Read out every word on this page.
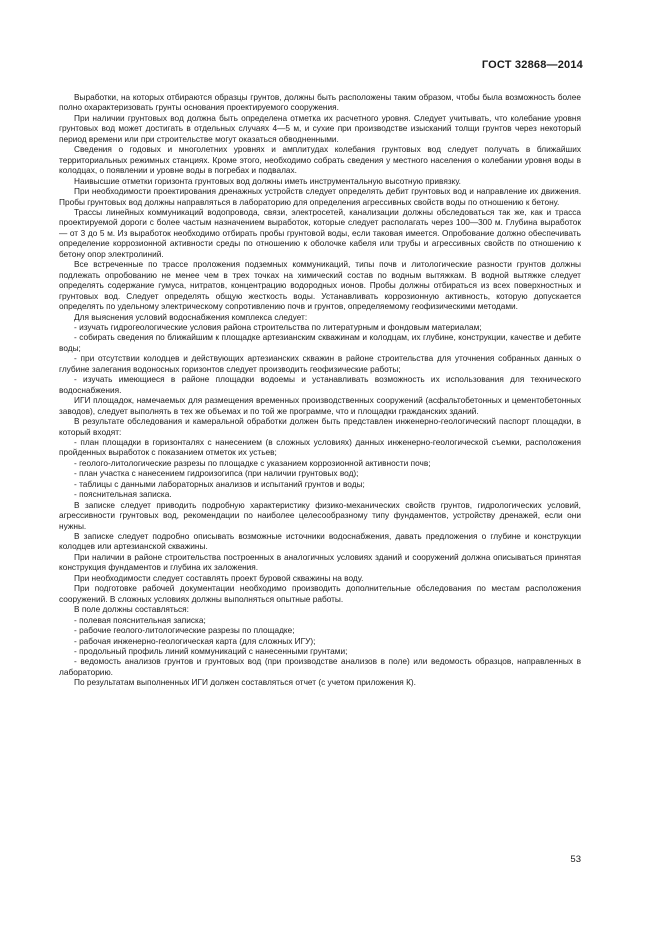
ГОСТ 32868—2014

Выработки, на которых отбираются образцы грунтов, должны быть расположены таким образом, чтобы была возможность более полно охарактеризовать грунты основания проектируемого сооружения.

При наличии грунтовых вод должна быть определена отметка их расчетного уровня. Следует учитывать, что колебание уровня грунтовых вод может достигать в отдельных случаях 4—5 м, и сухие при производстве изысканий толщи грунтов через некоторый период времени или при строительстве могут оказаться обводненными.

Сведения о годовых и многолетних уровнях и амплитудах колебания грунтовых вод следует получать в ближайших территориальных режимных станциях. Кроме этого, необходимо собрать сведения у местного населения о колебании уровня воды в колодцах, о появлении и уровне воды в погребах и подвалах.

Наивысшие отметки горизонта грунтовых вод должны иметь инструментальную высотную привязку.

При необходимости проектирования дренажных устройств следует определять дебит грунтовых вод и направление их движения. Пробы грунтовых вод должны направляться в лабораторию для определения агрессивных свойств воды по отношению к бетону.

Трассы линейных коммуникаций водопровода, связи, электросетей, канализации должны обследоваться так же, как и трасса проектируемой дороги с более частым назначением выработок, которые следует располагать через 100—300 м. Глубина выработок — от 3 до 5 м. Из выработок необходимо отбирать пробы грунтовой воды, если таковая имеется. Опробование должно обеспечивать определение коррозионной активности среды по отношению к оболочке кабеля или трубы и агрессивных свойств по отношению к бетону опор электролиний.

Все встреченные по трассе проложения подземных коммуникаций, типы почв и литологические разности грунтов должны подлежать опробованию не менее чем в трех точках на химический состав по водным вытяжкам. В водной вытяжке следует определять содержание гумуса, нитратов, концентрацию водородных ионов. Пробы должны отбираться из всех поверхностных и грунтовых вод. Следует определять общую жесткость воды. Устанавливать коррозионную активность, которую допускается определять по удельному электрическому сопротивлению почв и грунтов, определяемому геофизическими методами.

Для выяснения условий водоснабжения комплекса следует:

- изучать гидрогеологические условия района строительства по литературным и фондовым материалам;

- собирать сведения по ближайшим к площадке артезианским скважинам и колодцам, их глубине, конструкции, качестве и дебите воды;

- при отсутствии колодцев и действующих артезианских скважин в районе строительства для уточнения собранных данных о глубине залегания водоносных горизонтов следует производить геофизические работы;

- изучать имеющиеся в районе площадки водоемы и устанавливать возможность их использования для технического водоснабжения.

ИГИ площадок, намечаемых для размещения временных производственных сооружений (асфальтобетонных и цементобетонных заводов), следует выполнять в тех же объемах и по той же программе, что и площадки гражданских зданий.

В результате обследования и камеральной обработки должен быть представлен инженерно-геологический паспорт площадки, в который входят:

- план площадки в горизонталях с нанесением (в сложных условиях) данных инженерно-геологической съемки, расположения пройденных выработок с показанием отметок их устьев;

- геолого-литологические разрезы по площадке с указанием коррозионной активности почв;

- план участка с нанесением гидроизогипса (при наличии грунтовых вод);

- таблицы с данными лабораторных анализов и испытаний грунтов и воды;

- пояснительная записка.

В записке следует приводить подробную характеристику физико-механических свойств грунтов, гидрологических условий, агрессивности грунтовых вод, рекомендации по наиболее целесообразному типу фундаментов, устройству дренажей, если они нужны.

В записке следует подробно описывать возможные источники водоснабжения, давать предложения о глубине и конструкции колодцев или артезианской скважины.

При наличии в районе строительства построенных в аналогичных условиях зданий и сооружений должна описываться принятая конструкция фундаментов и глубина их заложения.

При необходимости следует составлять проект буровой скважины на воду.

При подготовке рабочей документации необходимо производить дополнительные обследования по местам расположения сооружений. В сложных условиях должны выполняться опытные работы.

В поле должны составляться:

- полевая пояснительная записка;

- рабочие геолого-литологические разрезы по площадке;

- рабочая инженерно-геологическая карта (для сложных ИГУ);

- продольный профиль линий коммуникаций с нанесенными грунтами;

- ведомость анализов грунтов и грунтовых вод (при производстве анализов в поле) или ведомость образцов, направленных в лабораторию.

По результатам выполненных ИГИ должен составляться отчет (с учетом приложения К).

53
